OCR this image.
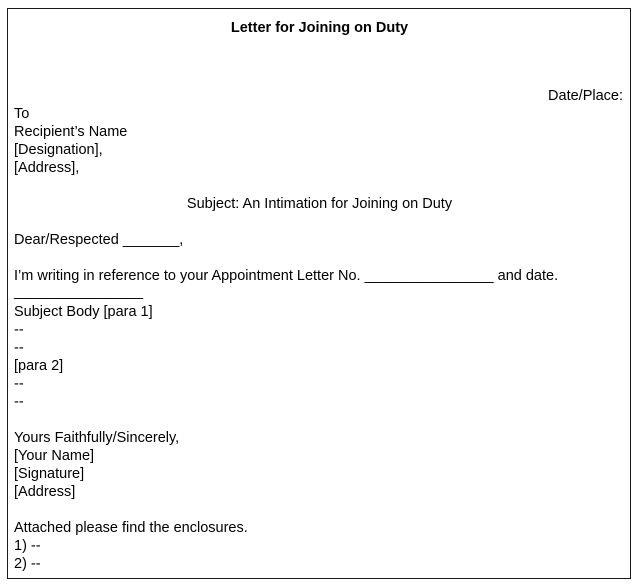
Letter for Joining on Duty
Date/Place:
To
Recipient’s Name
[Designation],
[Address],
Subject: An Intimation for Joining on Duty
Dear/Respected _______,
I’m writing in reference to your Appointment Letter No. ________________ and date.
________________
Subject Body [para 1]
--
--
[para 2]
--
--
Yours Faithfully/Sincerely,
[Your Name]
[Signature]
[Address]
Attached please find the enclosures.
1) --
2) --
